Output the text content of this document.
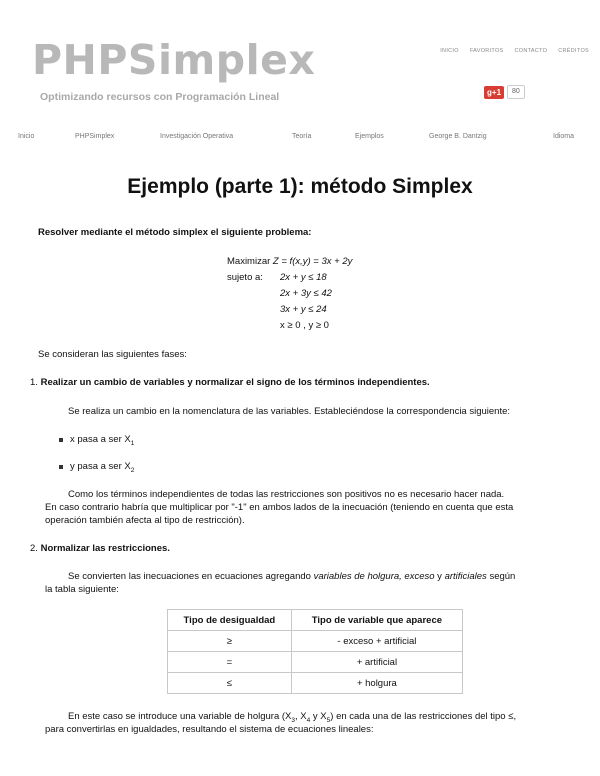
PHPSimplex
Optimizando recursos con Programación Lineal
INICIO FAVORITOS CONTACTO CRÉDITOS
g+1	80
Inicio	PHPSimplex	Investigación Operativa	Teoría	Ejemplos	George B. Dantzig	Idioma
Ejemplo (parte 1): método Simplex
Resolver mediante el método simplex el siguiente problema:
Maximizar Z = f(x,y) = 3x + 2y
sujeto a: 2x + y ≤ 18
2x + 3y ≤ 42
3x + y ≤ 24
x ≥ 0 , y ≥ 0
Se consideran las siguientes fases:
1. Realizar un cambio de variables y normalizar el signo de los términos independientes.
Se realiza un cambio en la nomenclatura de las variables. Estableciéndose la correspondencia siguiente:
x pasa a ser $X_1$
y pasa a ser $X_2$
Como los términos independientes de todas las restricciones son positivos no es necesario hacer nada.
En caso contrario habría que multiplicar por "-1" en ambos lados de la inecuación (teniendo en cuenta que esta
operación también afecta al tipo de restricción).
2. Normalizar las restricciones.
Se convierten las inecuaciones en ecuaciones agregando variables de holgura, exceso y artificiales según
la tabla siguiente:
Tipo de desigualdad	Tipo de variable que aparece
≥	- exceso + artificial
=	+ artificial
≤	+ holgura
En este caso se introduce una variable de holgura ($X_3$, $X_4$ y $X_5$) en cada una de las restricciones del tipo ≤,
para convertirlas en igualdades, resultando el sistema de ecuaciones lineales:
